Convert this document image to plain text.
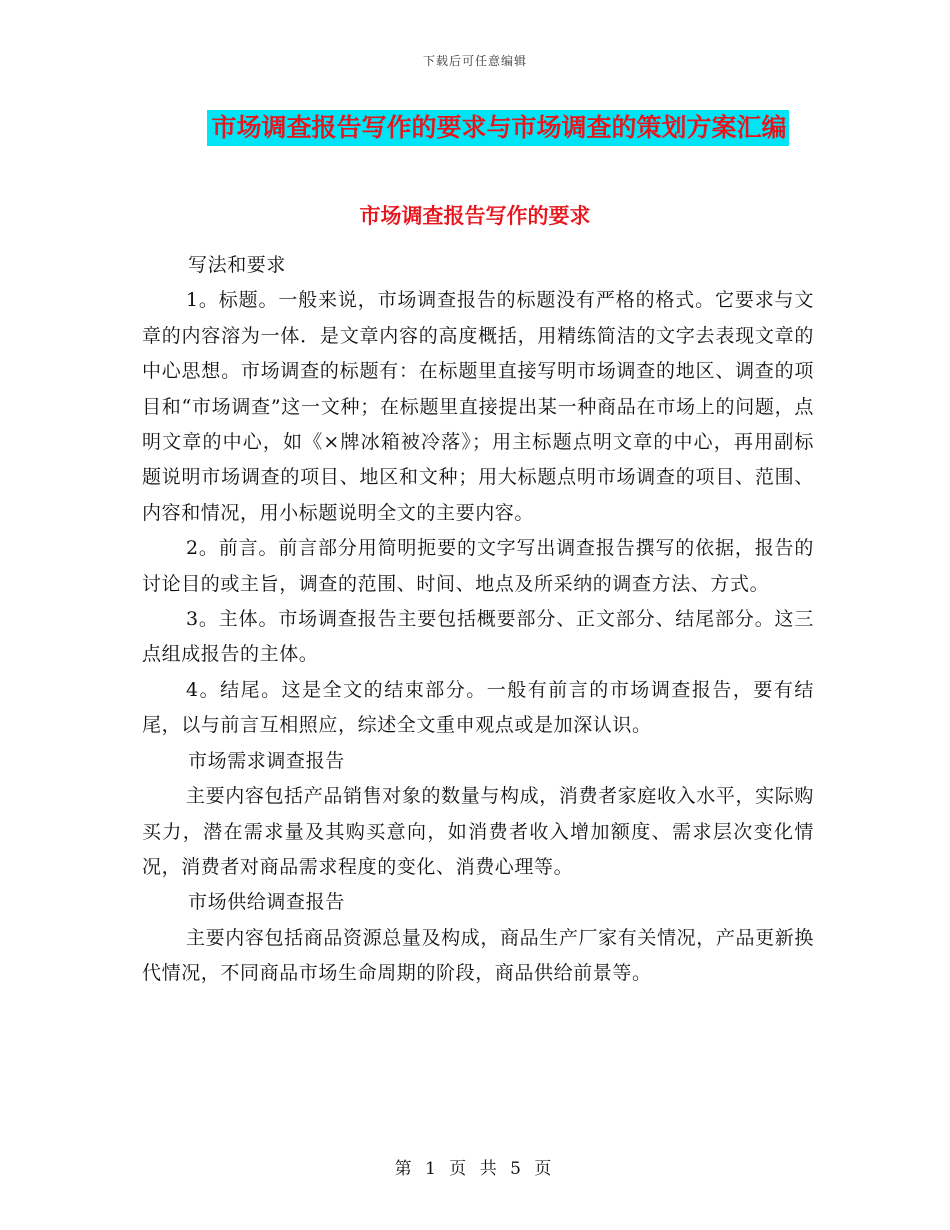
下载后可任意编辑
市场调查报告写作的要求与市场调查的策划方案汇编
市场调查报告写作的要求

写法和要求

1。标题。一般来说，市场调查报告的标题没有严格的格式。它要求与文章的内容溶为一体．是文章内容的高度概括，用精练简洁的文字去表现文章的中心思想。市场调查的标题有：在标题里直接写明市场调查的地区、调查的项目和“市场调查”这一文种；在标题里直接提出某一种商品在市场上的问题，点明文章的中心，如《×牌冰箱被冷落》；用主标题点明文章的中心，再用副标题说明市场调查的项目、地区和文种；用大标题点明市场调查的项目、范围、内容和情况，用小标题说明全文的主要内容。

2。前言。前言部分用简明扼要的文字写出调查报告撰写的依据，报告的讨论目的或主旨，调查的范围、时间、地点及所采纳的调查方法、方式。

3。主体。市场调查报告主要包括概要部分、正文部分、结尾部分。这三点组成报告的主体。

4。结尾。这是全文的结束部分。一般有前言的市场调查报告，要有结尾，以与前言互相照应，综述全文重申观点或是加深认识。

市场需求调查报告

主要内容包括产品销售对象的数量与构成，消费者家庭收入水平，实际购买力，潜在需求量及其购买意向，如消费者收入增加额度、需求层次变化情况，消费者对商品需求程度的变化、消费心理等。

市场供给调查报告

主要内容包括商品资源总量及构成，商品生产厂家有关情况，产品更新换代情况，不同商品市场生命周期的阶段，商品供给前景等。

第 1 页 共 5 页
